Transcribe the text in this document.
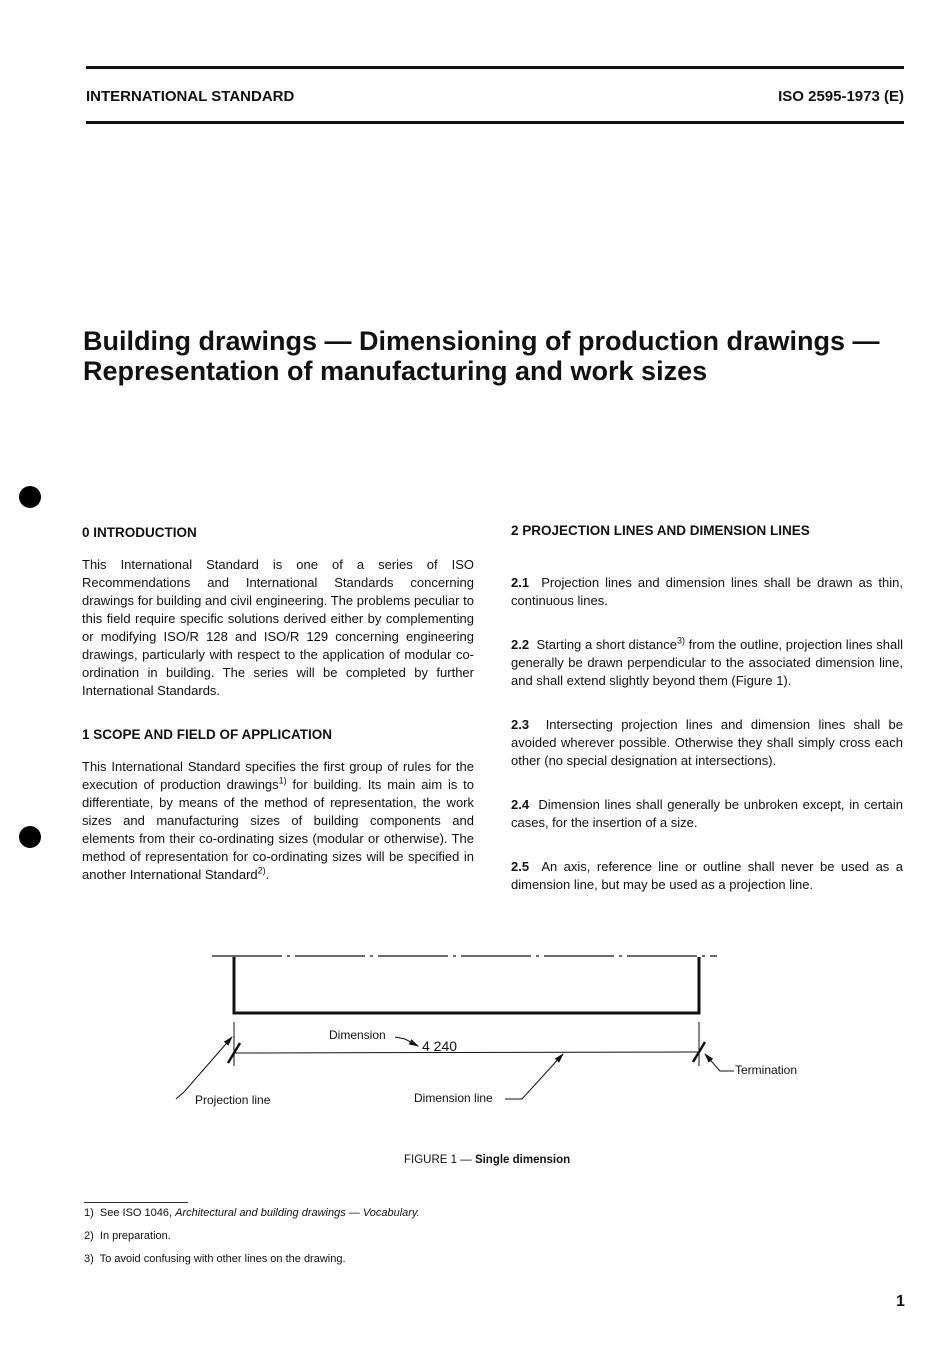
INTERNATIONAL STANDARD	ISO 2595-1973 (E)
Building drawings — Dimensioning of production drawings —
Representation of manufacturing and work sizes
0 INTRODUCTION

This International Standard is one of a series of ISO Recommendations and International Standards concerning drawings for building and civil engineering. The problems peculiar to this field require specific solutions derived either by complementing or modifying ISO/R 128 and ISO/R 129 concerning engineering drawings, particularly with respect to the application of modular co-ordination in building. The series will be completed by further International Standards.

1 SCOPE AND FIELD OF APPLICATION

This International Standard specifies the first group of rules for the execution of production drawings$^{1)}$ for building. Its main aim is to differentiate, by means of the method of representation, the work sizes and manufacturing sizes of building components and elements from their co-ordinating sizes (modular or otherwise). The method of representation for co-ordinating sizes will be specified in another International Standard$^{2)}$.

2 PROJECTION LINES AND DIMENSION LINES

2.1 Projection lines and dimension lines shall be drawn as thin, continuous lines.

2.2 Starting a short distance$^{3)}$ from the outline, projection lines shall generally be drawn perpendicular to the associated dimension line, and shall extend slightly beyond them (Figure 1).

2.3 Intersecting projection lines and dimension lines shall be avoided wherever possible. Otherwise they shall simply cross each other (no special designation at intersections).

2.4 Dimension lines shall generally be unbroken except, in certain cases, for the insertion of a size.

2.5 An axis, reference line or outline shall never be used as a dimension line, but may be used as a projection line.

Dimension
4 240
Termination
Projection line	Dimension line
FIGURE 1 — Single dimension
1) See ISO 1046, Architectural and building drawings — Vocabulary.
2) In preparation.
3) To avoid confusing with other lines on the drawing.
1
